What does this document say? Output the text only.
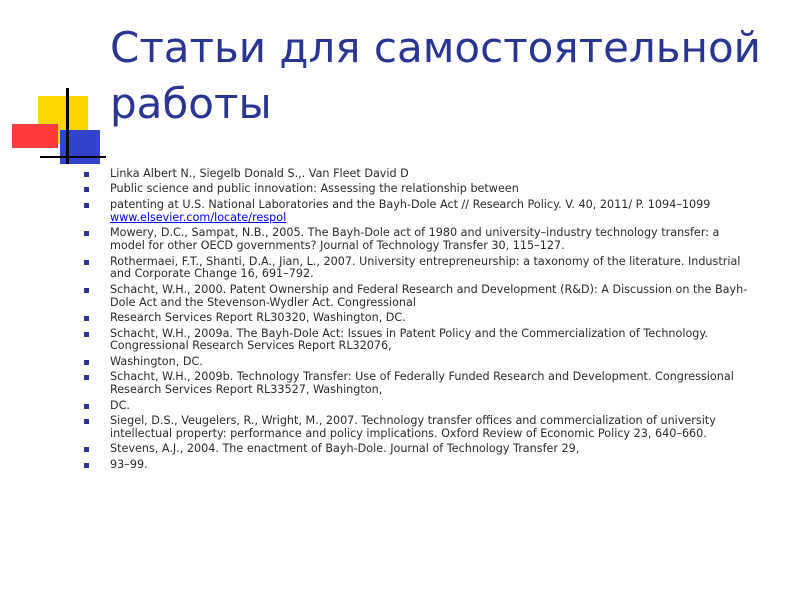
Статьи для самостоятельной работы
Linka Albert N., Siegelb Donald S.,. Van Fleet David D
Public science and public innovation: Assessing the relationship between
patenting at U.S. National Laboratories and the Bayh-Dole Act // Research Policy. V. 40, 2011/ P. 1094–1099 www.elsevier.com/locate/respol
Mowery, D.C., Sampat, N.B., 2005. The Bayh-Dole act of 1980 and university–industry technology transfer: a model for other OECD governments? Journal of Technology Transfer 30, 115–127.
Rothermaei, F.T., Shanti, D.A., Jian, L., 2007. University entrepreneurship: a taxonomy of the literature. Industrial and Corporate Change 16, 691–792.
Schacht, W.H., 2000. Patent Ownership and Federal Research and Development (R&D): A Discussion on the Bayh-Dole Act and the Stevenson-Wydler Act. Congressional
Research Services Report RL30320, Washington, DC.
Schacht, W.H., 2009a. The Bayh-Dole Act: Issues in Patent Policy and the Commercialization of Technology. Congressional Research Services Report RL32076,
Washington, DC.
Schacht, W.H., 2009b. Technology Transfer: Use of Federally Funded Research and Development. Congressional Research Services Report RL33527, Washington,
DC.
Siegel, D.S., Veugelers, R., Wright, M., 2007. Technology transfer offices and commercialization of university intellectual property: performance and policy implications. Oxford Review of Economic Policy 23, 640–660.
Stevens, A.J., 2004. The enactment of Bayh-Dole. Journal of Technology Transfer 29,
93–99.
